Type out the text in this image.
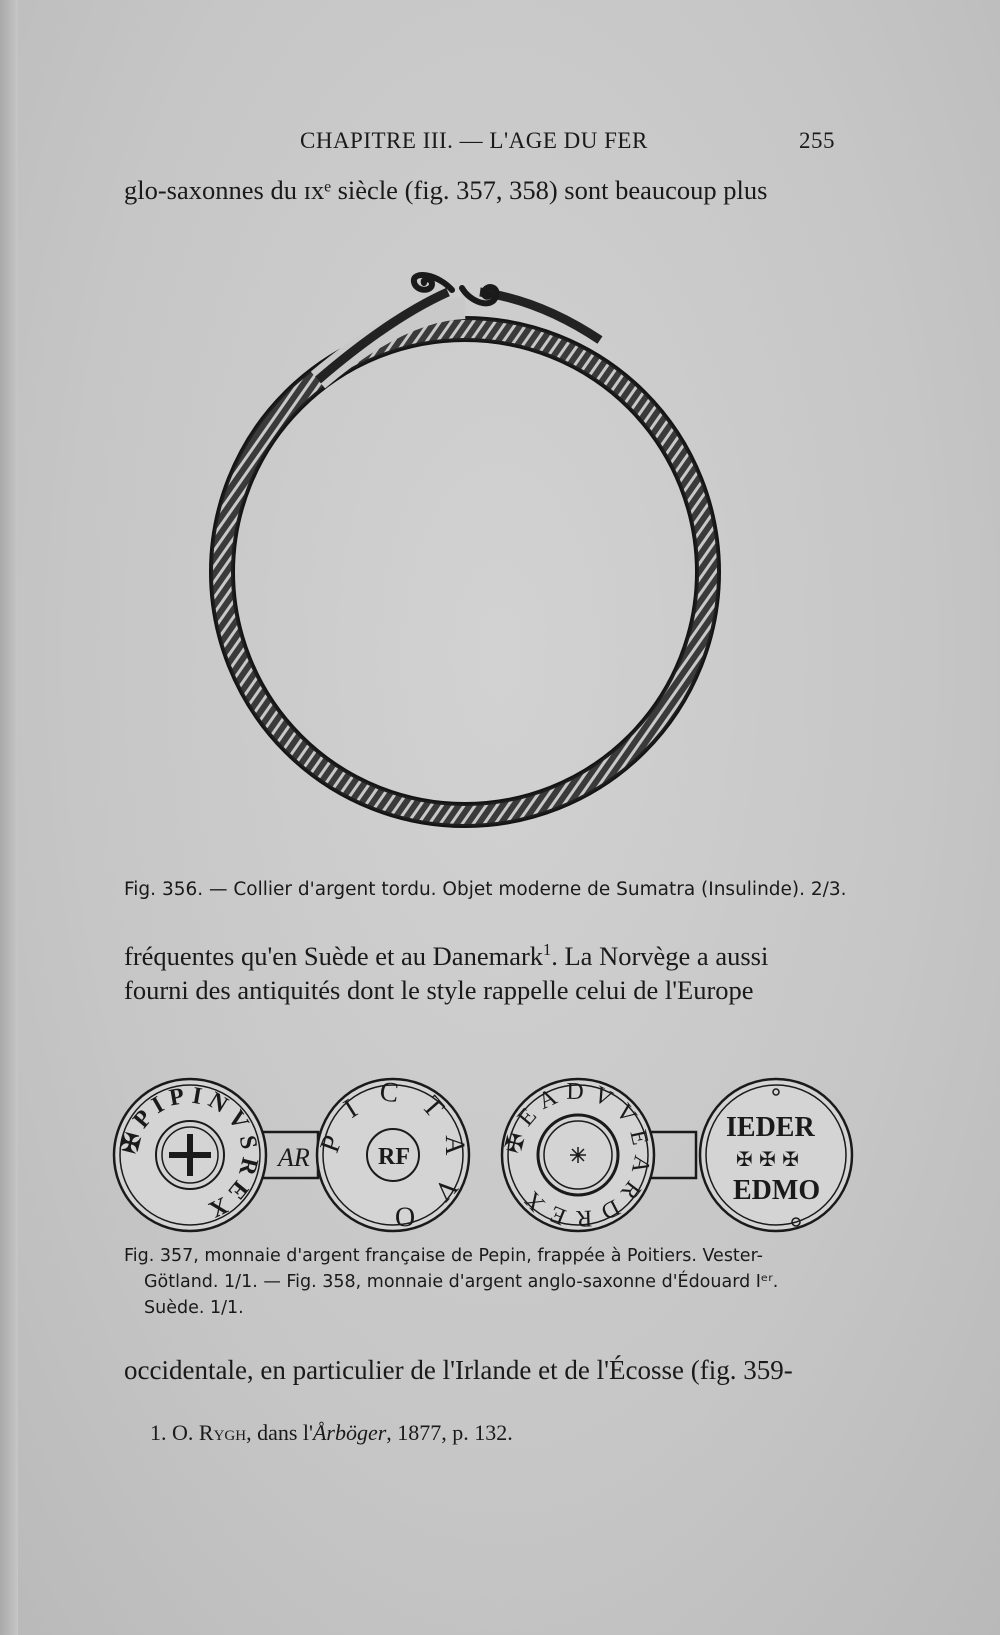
CHAPITRE III. — L'AGE DU FER	255
glo-saxonnes du ɪxᵉ siècle (fig. 357, 358) sont beaucoup plus
Fig. 356. — Collier d'argent tordu. Objet moderne de Sumatra (Insulinde). 2/3.
fréquentes qu'en Suède et au Danemark$^1$. La Norvège a aussi
fourni des antiquités dont le style rappelle celui de l'Europe
AR
✠PIPINVSREX
RF
PICTAVO
✠EADVVEARDREX
IEDER
✠ ✠ ✠
EDMO
Fig. 357, monnaie d'argent française de Pepin, frappée à Poitiers. Vester-
Götland. 1/1. — Fig. 358, monnaie d'argent anglo-saxonne d'Édouard Iᵉʳ.
Suède. 1/1.
occidentale, en particulier de l'Irlande et de l'Écosse (fig. 359-
1. O. Rygh, dans l'Årböger, 1877, p. 132.
